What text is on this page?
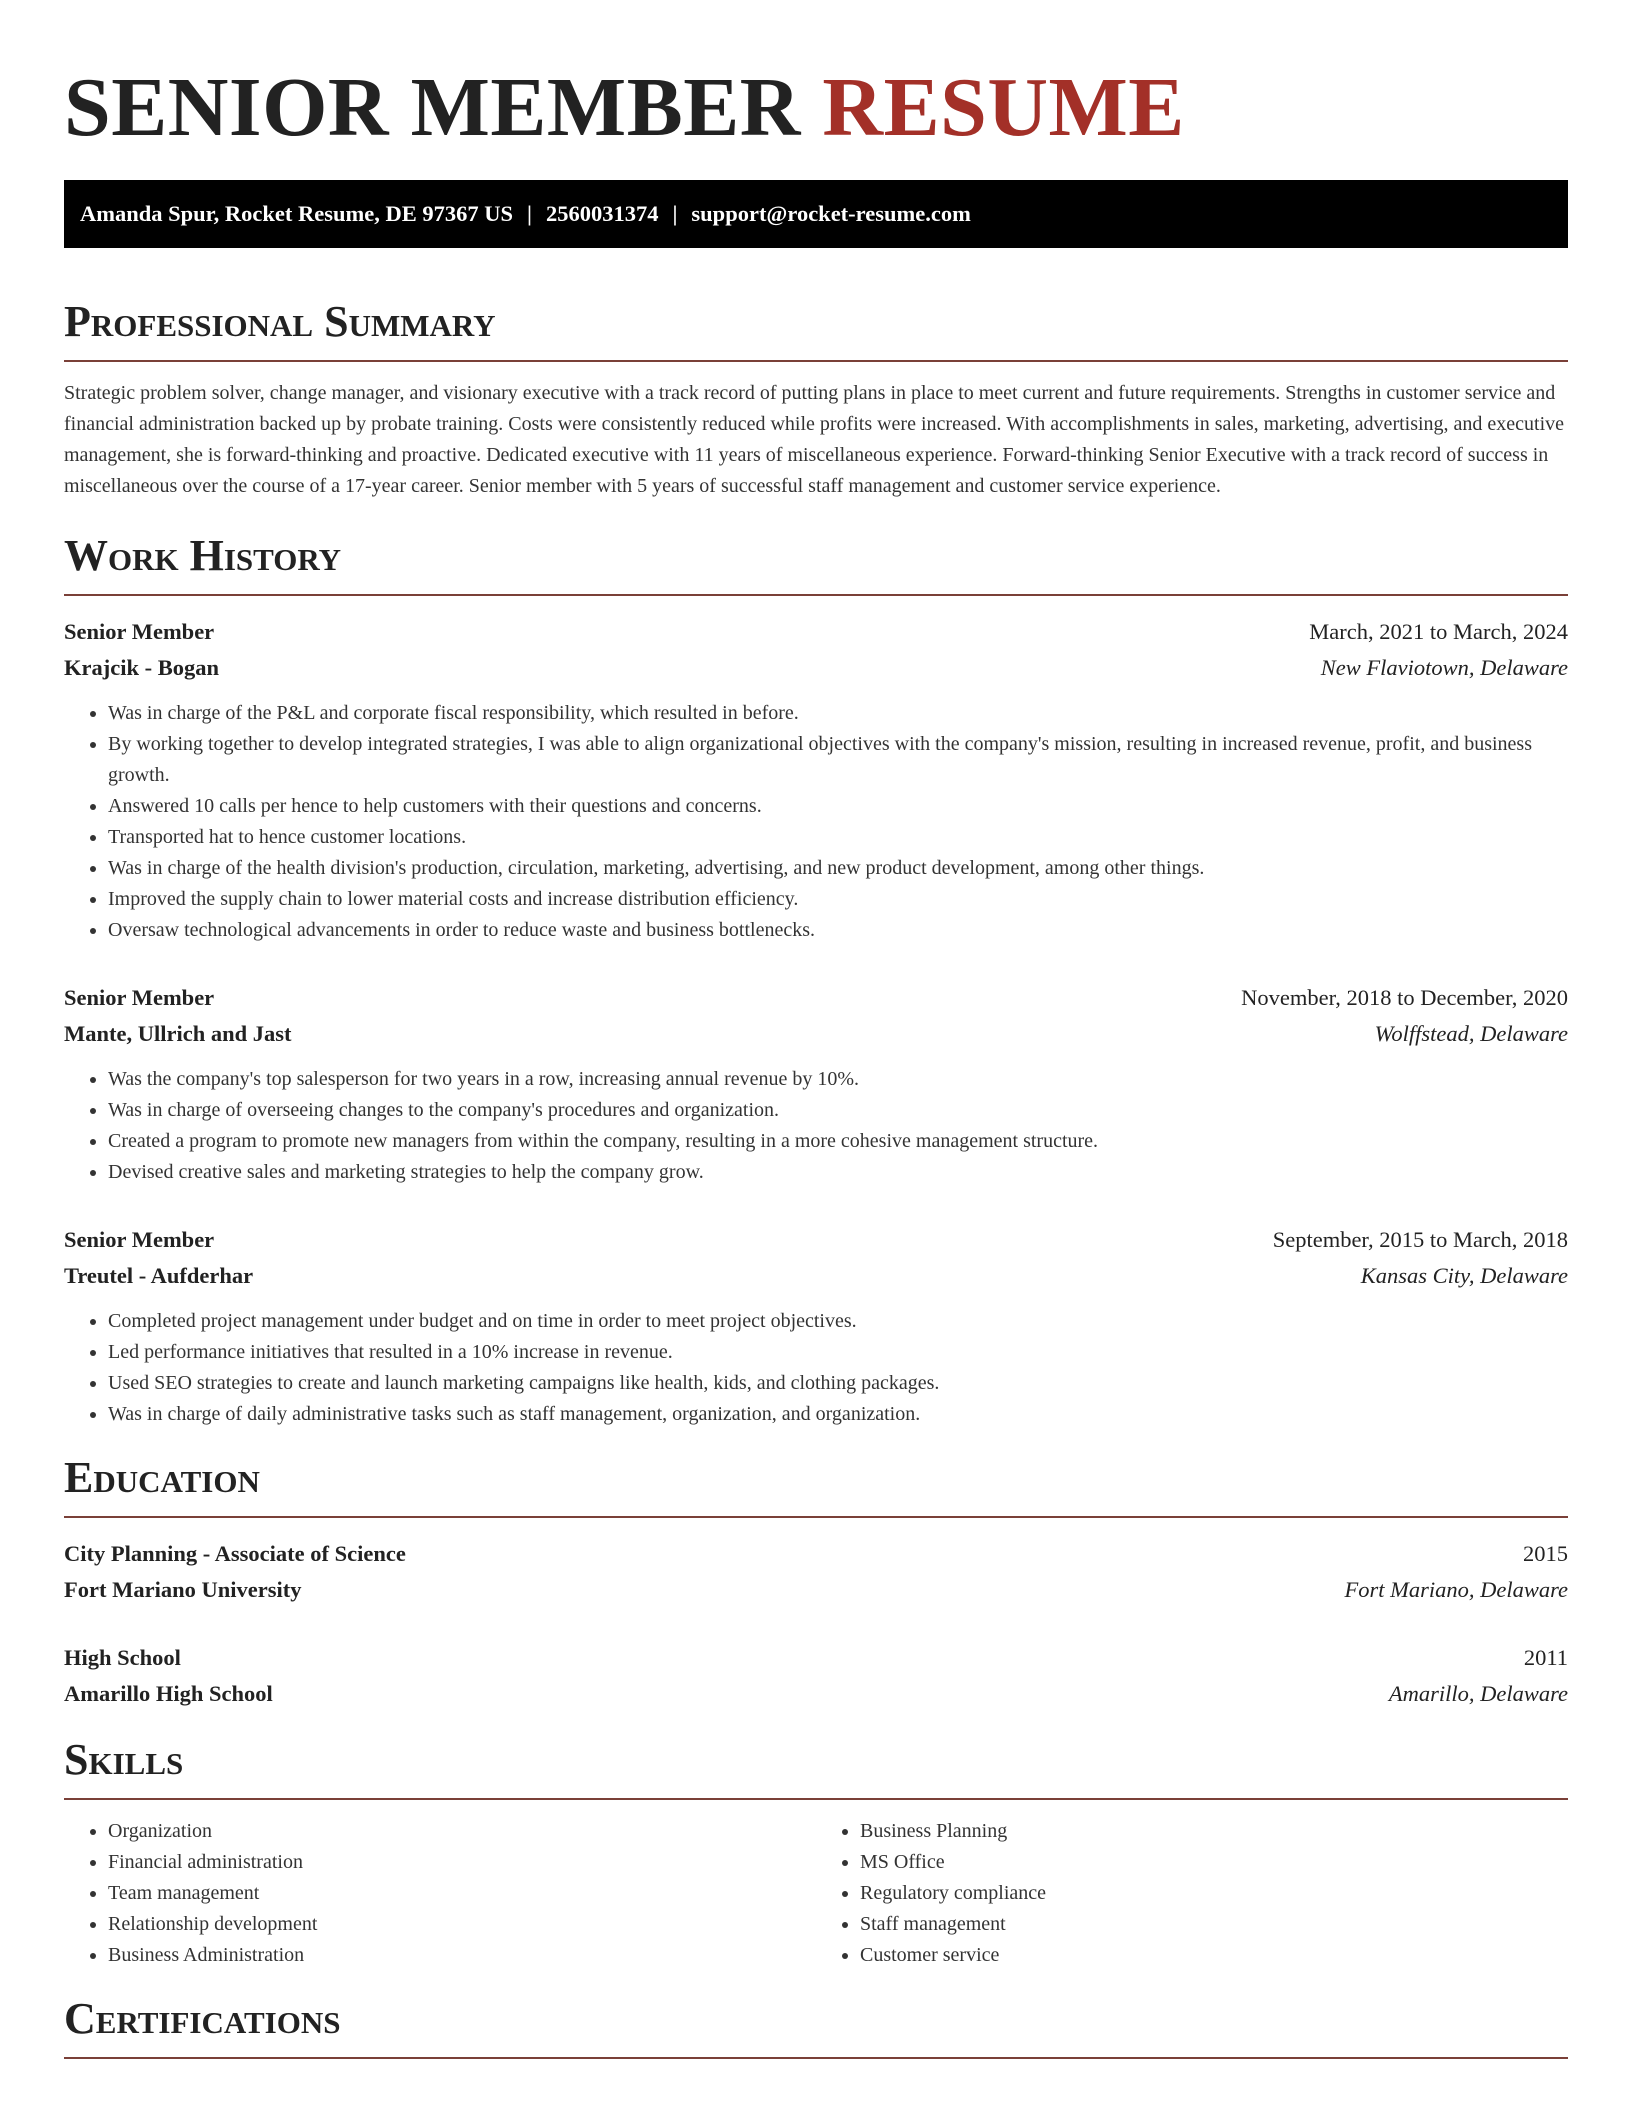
SENIOR MEMBER RESUME
Amanda Spur, Rocket Resume, DE 97367 US | 2560031374 | support@rocket-resume.com
Professional Summary

Strategic problem solver, change manager, and visionary executive with a track record of putting plans in place to meet current and future requirements. Strengths in customer service and financial administration backed up by probate training. Costs were consistently reduced while profits were increased. With accomplishments in sales, marketing, advertising, and executive management, she is forward-thinking and proactive. Dedicated executive with 11 years of miscellaneous experience. Forward-thinking Senior Executive with a track record of success in miscellaneous over the course of a 17-year career. Senior member with 5 years of successful staff management and customer service experience.

Work History
Senior Member	March, 2021 to March, 2024
Krajcik - Bogan	New Flaviotown, Delaware
• Was in charge of the P&L and corporate fiscal responsibility, which resulted in before.
• By working together to develop integrated strategies, I was able to align organizational objectives with the company's mission, resulting in increased revenue, profit, and business growth.
• Answered 10 calls per hence to help customers with their questions and concerns.
• Transported hat to hence customer locations.
• Was in charge of the health division's production, circulation, marketing, advertising, and new product development, among other things.
• Improved the supply chain to lower material costs and increase distribution efficiency.
• Oversaw technological advancements in order to reduce waste and business bottlenecks.
Senior Member	November, 2018 to December, 2020
Mante, Ullrich and Jast	Wolffstead, Delaware
• Was the company's top salesperson for two years in a row, increasing annual revenue by 10%.
• Was in charge of overseeing changes to the company's procedures and organization.
• Created a program to promote new managers from within the company, resulting in a more cohesive management structure.
• Devised creative sales and marketing strategies to help the company grow.
Senior Member	September, 2015 to March, 2018
Treutel - Aufderhar	Kansas City, Delaware
• Completed project management under budget and on time in order to meet project objectives.
• Led performance initiatives that resulted in a 10% increase in revenue.
• Used SEO strategies to create and launch marketing campaigns like health, kids, and clothing packages.
• Was in charge of daily administrative tasks such as staff management, organization, and organization.
Education
City Planning - Associate of Science	2015
Fort Mariano University	Fort Mariano, Delaware
High School	2011
Amarillo High School	Amarillo, Delaware
Skills
• Organization
• Financial administration
• Team management
• Relationship development
• Business Administration
• Business Planning
• MS Office
• Regulatory compliance
• Staff management
• Customer service
Certifications
